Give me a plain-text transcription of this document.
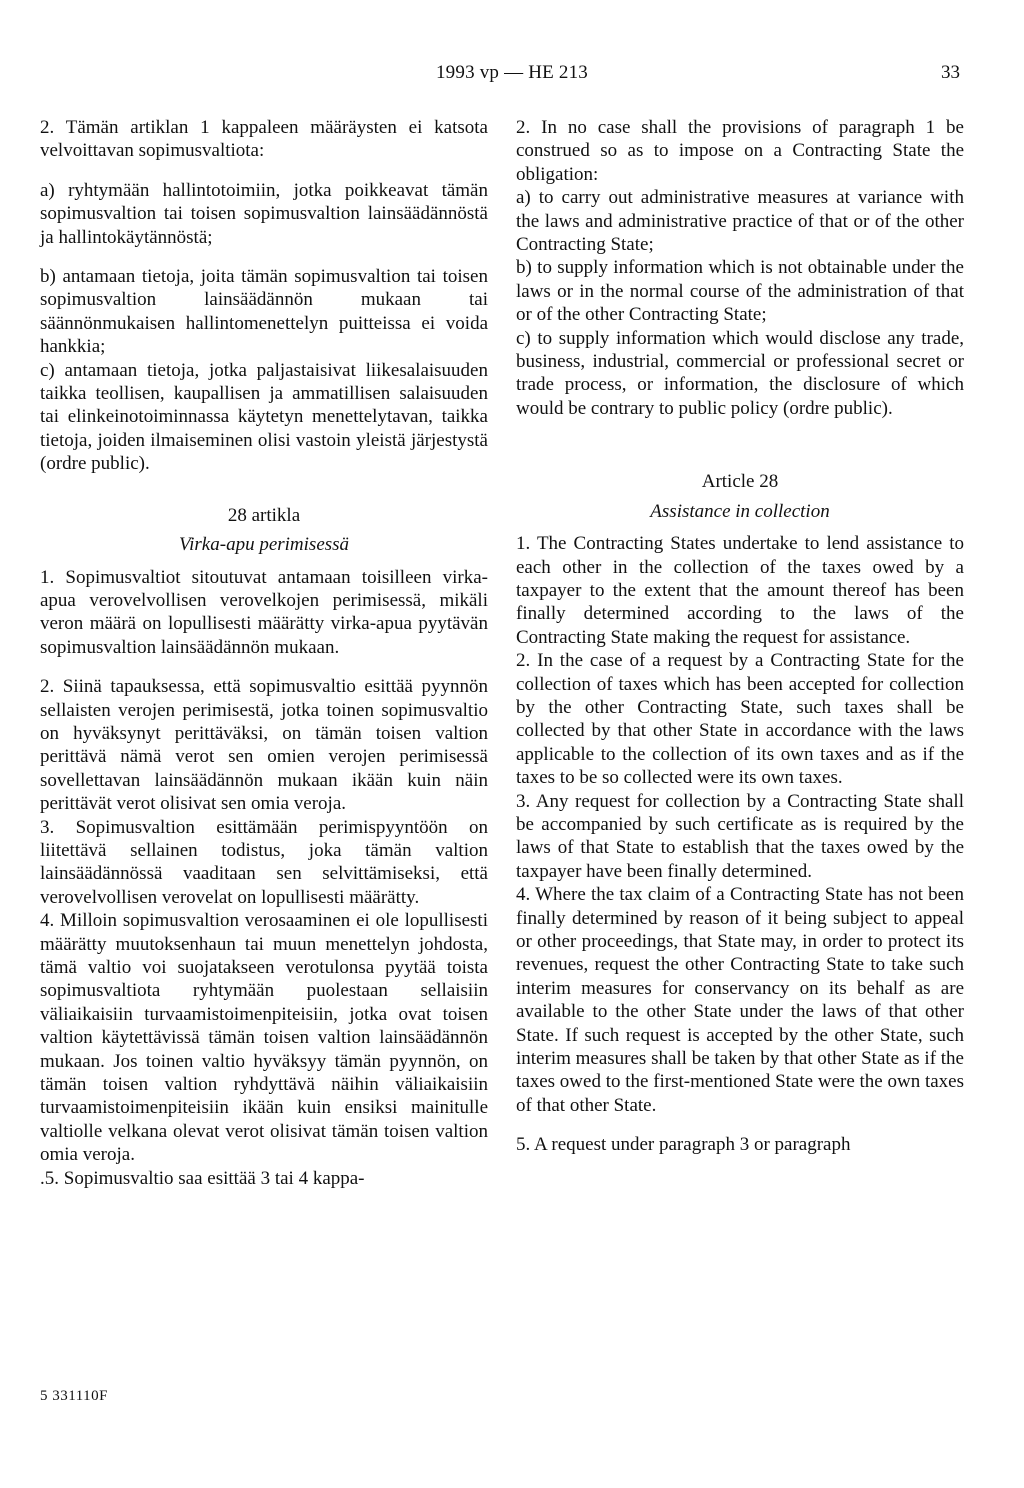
1993 vp — HE 213	33

2. Tämän artiklan 1 kappaleen määräysten ei katsota velvoittavan sopimusvaltiota:

a) ryhtymään hallintotoimiin, jotka poikkeavat tämän sopimusvaltion tai toisen sopimusvaltion lainsäädännöstä ja hallintokäytännöstä;

b) antamaan tietoja, joita tämän sopimusvaltion tai toisen sopimusvaltion lainsäädännön mukaan tai säännönmukaisen hallintomenettelyn puitteissa ei voida hankkia;

c) antamaan tietoja, jotka paljastaisivat liikesalaisuuden taikka teollisen, kaupallisen ja ammatillisen salaisuuden tai elinkeinotoiminnassa käytetyn menettelytavan, taikka tietoja, joiden ilmaiseminen olisi vastoin yleistä järjestystä (ordre public).

28 artikla
Virka-apu perimisessä

1. Sopimusvaltiot sitoutuvat antamaan toisilleen virka-apua verovelvollisen verovelkojen perimisessä, mikäli veron määrä on lopullisesti määrätty virka-apua pyytävän sopimusvaltion lainsäädännön mukaan.

2. Siinä tapauksessa, että sopimusvaltio esittää pyynnön sellaisten verojen perimisestä, jotka toinen sopimusvaltio on hyväksynyt perittäväksi, on tämän toisen valtion perittävä nämä verot sen omien verojen perimisessä sovellettavan lainsäädännön mukaan ikään kuin näin perittävät verot olisivat sen omia veroja.

3. Sopimusvaltion esittämään perimispyyntöön on liitettävä sellainen todistus, joka tämän valtion lainsäädännössä vaaditaan sen selvittämiseksi, että verovelvollisen verovelat on lopullisesti määrätty.

4. Milloin sopimusvaltion verosaaminen ei ole lopullisesti määrätty muutoksenhaun tai muun menettelyn johdosta, tämä valtio voi suojatakseen verotulonsa pyytää toista sopimusvaltiota ryhtymään puolestaan sellaisiin väliaikaisiin turvaamistoimenpiteisiin, jotka ovat toisen valtion käytettävissä tämän toisen valtion lainsäädännön mukaan. Jos toinen valtio hyväksyy tämän pyynnön, on tämän toisen valtion ryhdyttävä näihin väliaikaisiin turvaamistoimenpiteisiin ikään kuin ensiksi mainitulle valtiolle velkana olevat verot olisivat tämän toisen valtion omia veroja.

.5. Sopimusvaltio saa esittää 3 tai 4 kappa-

2. In no case shall the provisions of paragraph 1 be construed so as to impose on a Contracting State the obligation:

a) to carry out administrative measures at variance with the laws and administrative practice of that or of the other Contracting State;

b) to supply information which is not obtainable under the laws or in the normal course of the administration of that or of the other Contracting State;

c) to supply information which would disclose any trade, business, industrial, commercial or professional secret or trade process, or information, the disclosure of which would be contrary to public policy (ordre public).

Article 28
Assistance in collection

1. The Contracting States undertake to lend assistance to each other in the collection of the taxes owed by a taxpayer to the extent that the amount thereof has been finally determined according to the laws of the Contracting State making the request for assistance.

2. In the case of a request by a Contracting State for the collection of taxes which has been accepted for collection by the other Contracting State, such taxes shall be collected by that other State in accordance with the laws applicable to the collection of its own taxes and as if the taxes to be so collected were its own taxes.

3. Any request for collection by a Contracting State shall be accompanied by such certificate as is required by the laws of that State to establish that the taxes owed by the taxpayer have been finally determined.

4. Where the tax claim of a Contracting State has not been finally determined by reason of it being subject to appeal or other proceedings, that State may, in order to protect its revenues, request the other Contracting State to take such interim measures for conservancy on its behalf as are available to the other State under the laws of that other State. If such request is accepted by the other State, such interim measures shall be taken by that other State as if the taxes owed to the first-mentioned State were the own taxes of that other State.

5. A request under paragraph 3 or paragraph

5 331110F
